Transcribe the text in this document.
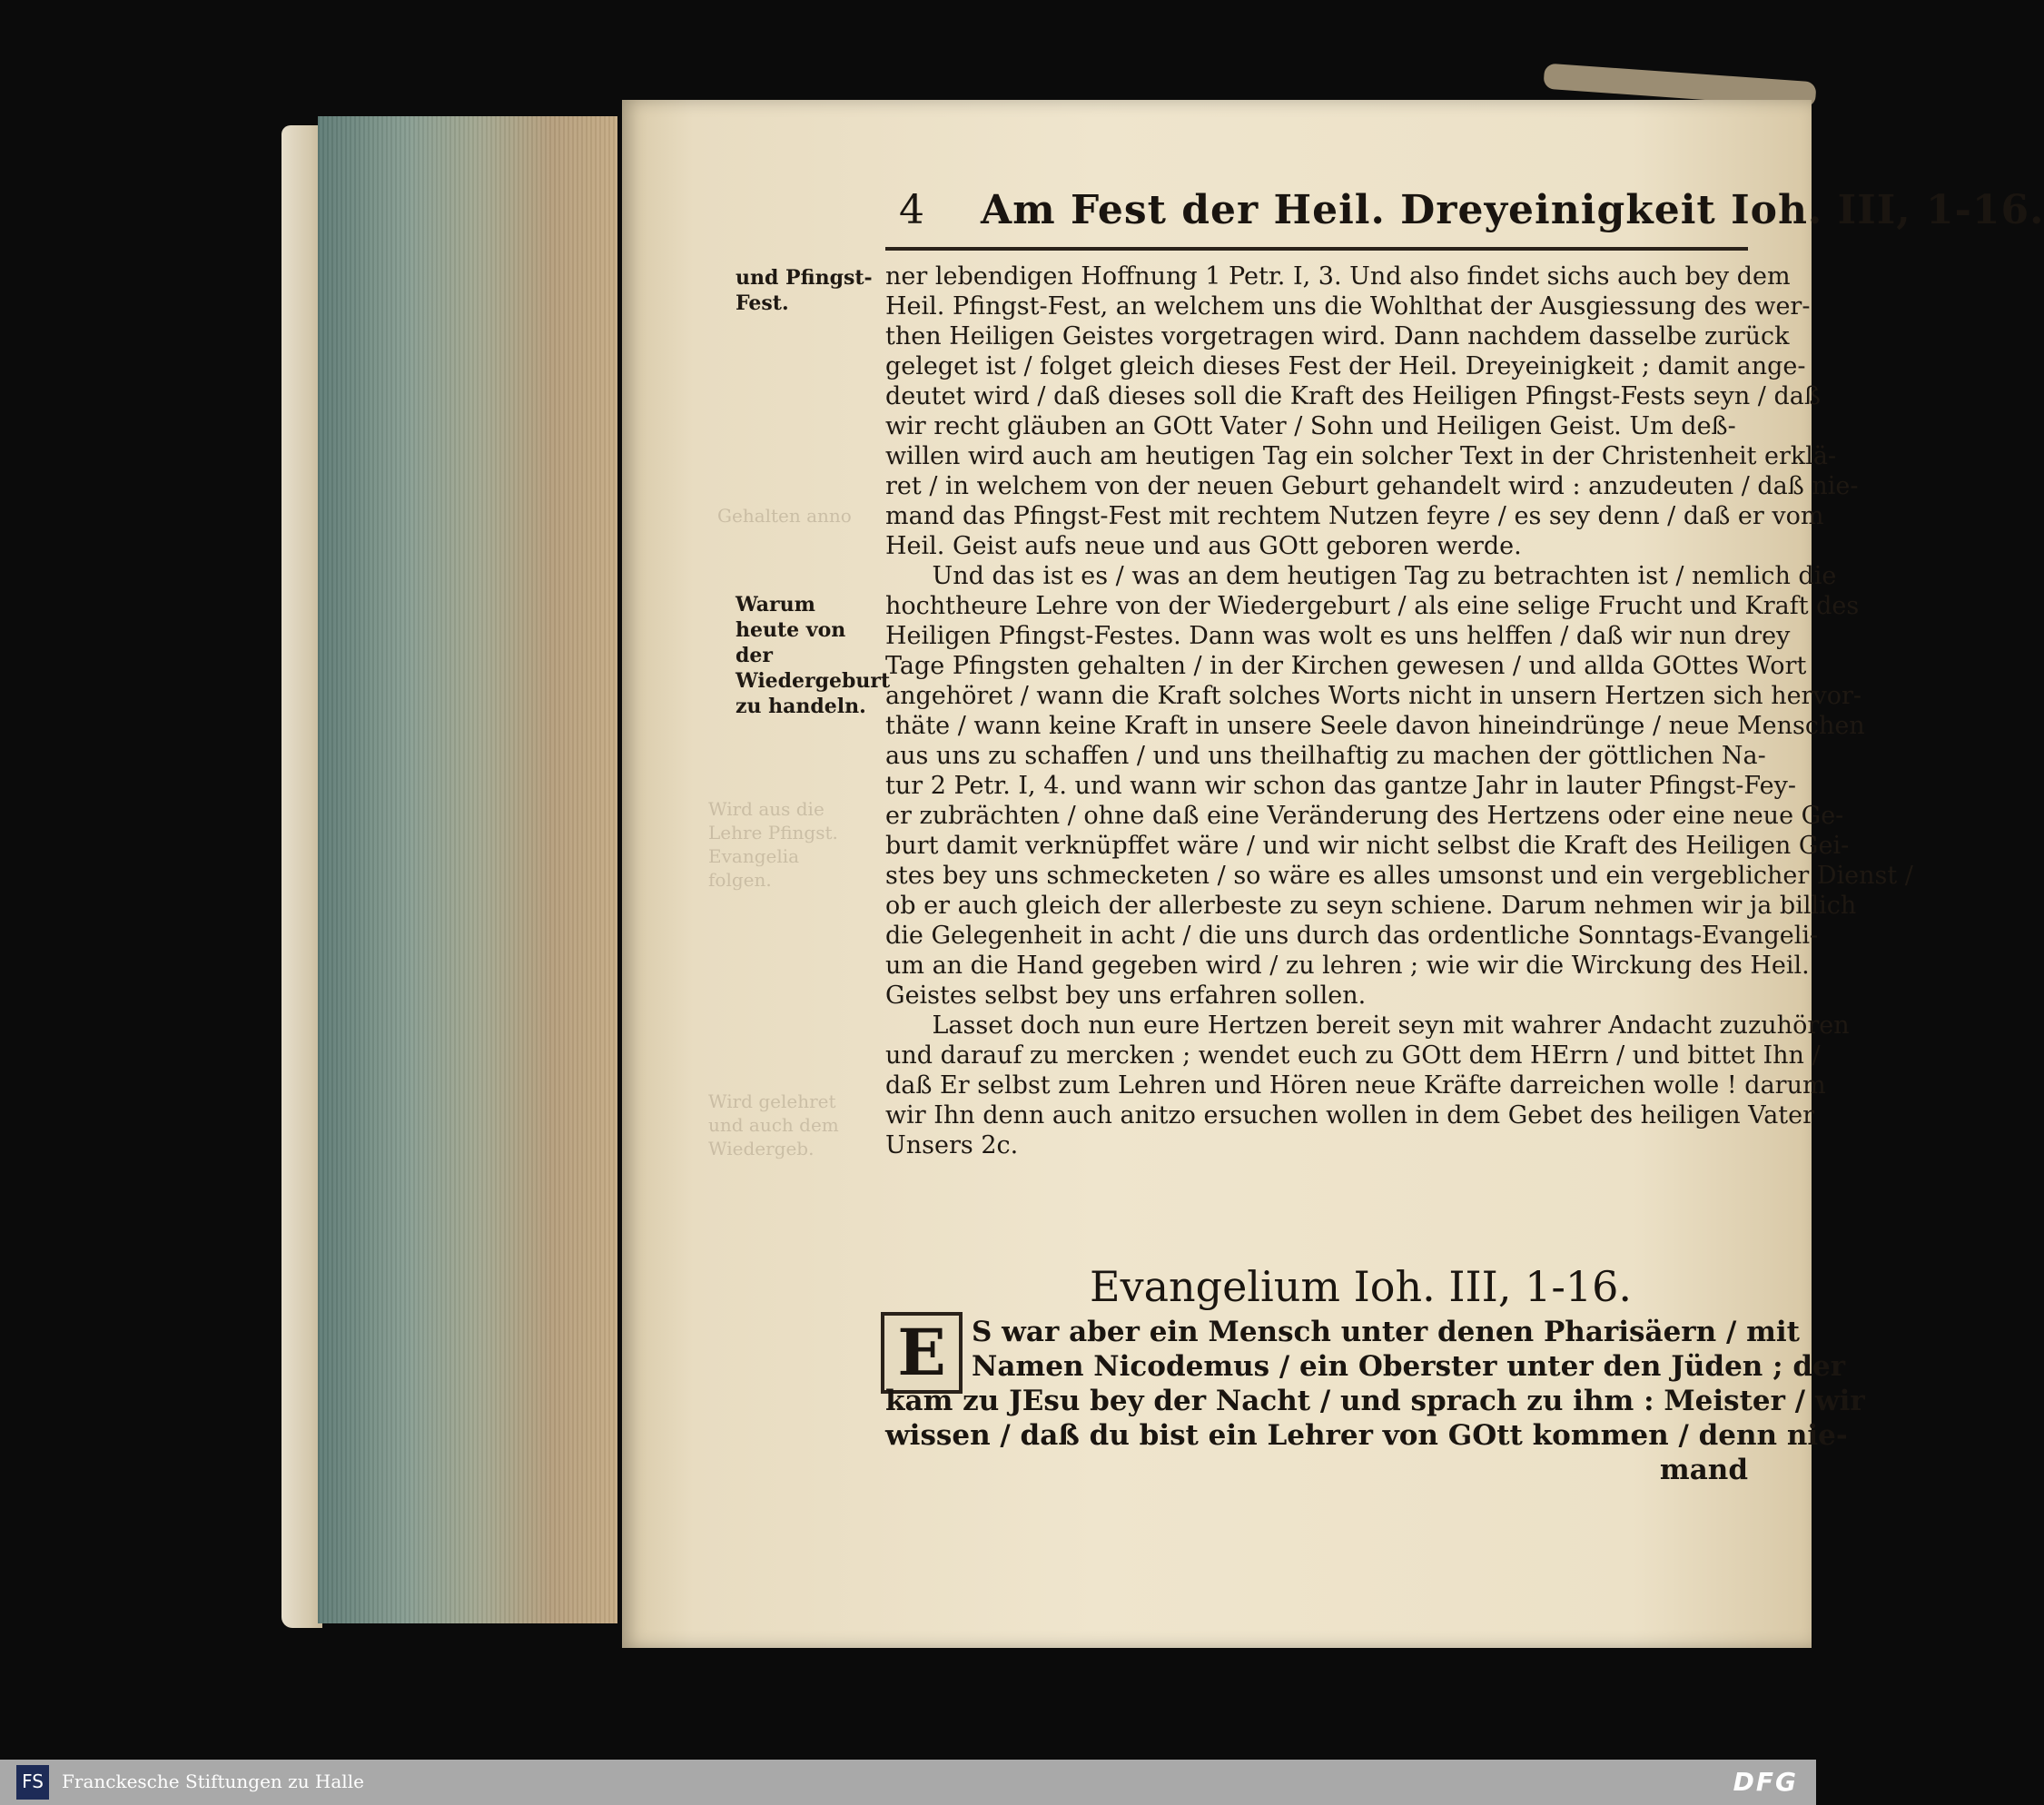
4 Am Fest der Heil. Dreyeinigkeit Ioh. III, 1-16.
und Pfingst-Fest.
Warum heute von der Wiedergeburt zu handeln.
Gehalten anno
Wird aus die Lehre Pfingst. Evangelia folgen.
Wird gelehret und auch dem Wiedergeb.
ner lebendigen Hoffnung 1 Petr. I, 3. Und also findet sichs auch bey dem
Heil. Pfingst-Fest, an welchem uns die Wohlthat der Ausgiessung des wer-
then Heiligen Geistes vorgetragen wird. Dann nachdem dasselbe zurück
geleget ist / folget gleich dieses Fest der Heil. Dreyeinigkeit ; damit ange-
deutet wird / daß dieses soll die Kraft des Heiligen Pfingst-Fests seyn / daß
wir recht gläuben an GOtt Vater / Sohn und Heiligen Geist. Um deß-
willen wird auch am heutigen Tag ein solcher Text in der Christenheit erklä-
ret / in welchem von der neuen Geburt gehandelt wird : anzudeuten / daß nie-
mand das Pfingst-Fest mit rechtem Nutzen feyre / es sey denn / daß er vom
Heil. Geist aufs neue und aus GOtt geboren werde.
Und das ist es / was an dem heutigen Tag zu betrachten ist / nemlich die
hochtheure Lehre von der Wiedergeburt / als eine selige Frucht und Kraft des
Heiligen Pfingst-Festes. Dann was wolt es uns helffen / daß wir nun drey
Tage Pfingsten gehalten / in der Kirchen gewesen / und allda GOttes Wort
angehöret / wann die Kraft solches Worts nicht in unsern Hertzen sich hervor-
thäte / wann keine Kraft in unsere Seele davon hineindrünge / neue Menschen
aus uns zu schaffen / und uns theilhaftig zu machen der göttlichen Na-
tur 2 Petr. I, 4. und wann wir schon das gantze Jahr in lauter Pfingst-Fey-
er zubrächten / ohne daß eine Veränderung des Hertzens oder eine neue Ge-
burt damit verknüpffet wäre / und wir nicht selbst die Kraft des Heiligen Gei-
stes bey uns schmecketen / so wäre es alles umsonst und ein vergeblicher Dienst /
ob er auch gleich der allerbeste zu seyn schiene. Darum nehmen wir ja billich
die Gelegenheit in acht / die uns durch das ordentliche Sonntags-Evangeli-
um an die Hand gegeben wird / zu lehren ; wie wir die Wirckung des Heil.
Geistes selbst bey uns erfahren sollen.
Lasset doch nun eure Hertzen bereit seyn mit wahrer Andacht zuzuhören
und darauf zu mercken ; wendet euch zu GOtt dem HErrn / und bittet Ihn /
daß Er selbst zum Lehren und Hören neue Kräfte darreichen wolle ! darum
wir Ihn denn auch anitzo ersuchen wollen in dem Gebet des heiligen Vater
Unsers 2c.
Evangelium Ioh. III, 1-16.
E S war aber ein Mensch unter denen Pharisäern / mit
Namen Nicodemus / ein Oberster unter den Jüden ; der
kam zu JEsu bey der Nacht / und sprach zu ihm : Meister / wir
wissen / daß du bist ein Lehrer von GOtt kommen / denn nie-
mand
FS	Franckesche Stiftungen zu Halle	DFG
